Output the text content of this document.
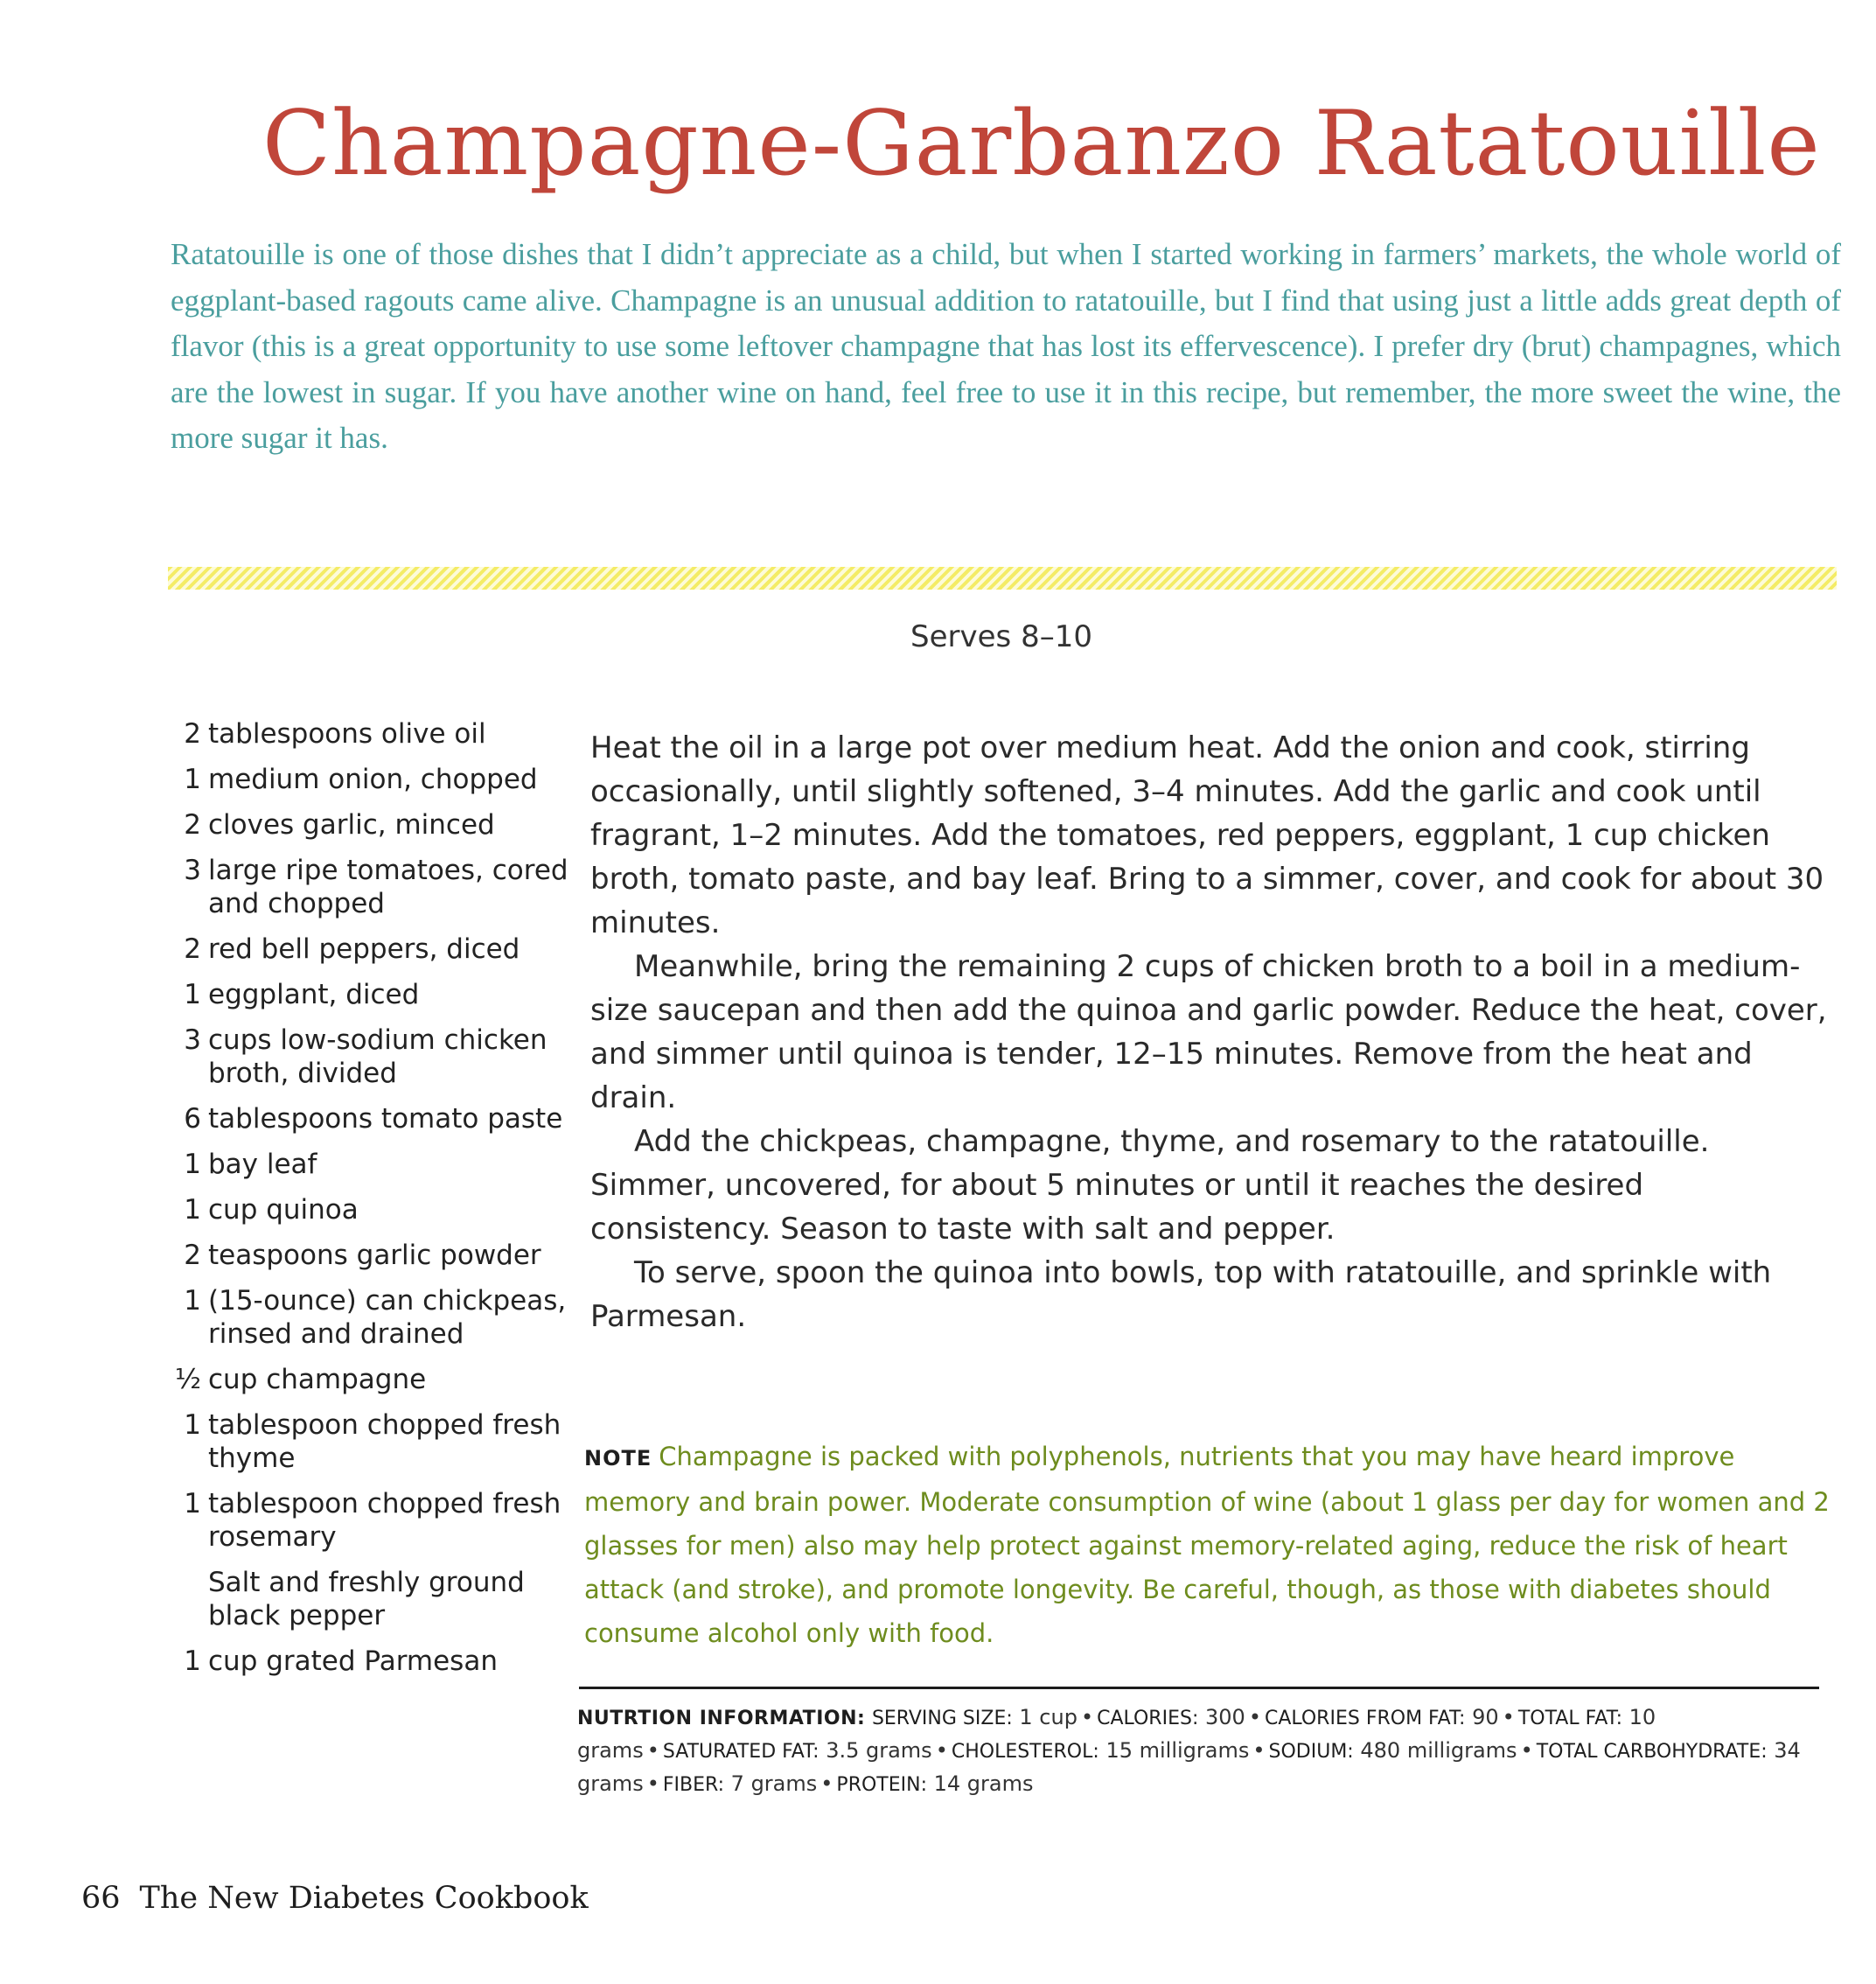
Champagne-Garbanzo Ratatouille

Ratatouille is one of those dishes that I didn’t appreciate as a child, but when I started working in farmers’ markets, the whole world of eggplant-based ragouts came alive. Champagne is an unusual addition to ratatouille, but I find that using just a little adds great depth of flavor (this is a great opportunity to use some leftover champagne that has lost its effervescence). I prefer dry (brut) champagnes, which are the lowest in sugar. If you have another wine on hand, feel free to use it in this recipe, but remember, the more sweet the wine, the more sugar it has.

Serves 8–10

2 tablespoons olive oil
1 medium onion, chopped
2 cloves garlic, minced
3 large ripe tomatoes, cored and chopped
2 red bell peppers, diced
1 eggplant, diced
3 cups low-sodium chicken broth, divided
6 tablespoons tomato paste
1 bay leaf
1 cup quinoa
2 teaspoons garlic powder
1 (15-ounce) can chickpeas, rinsed and drained
½ cup champagne
1 tablespoon chopped fresh thyme
1 tablespoon chopped fresh rosemary
Salt and freshly ground black pepper
1 cup grated Parmesan

Heat the oil in a large pot over medium heat. Add the onion and cook, stirring occasionally, until slightly softened, 3–4 minutes. Add the garlic and cook until fragrant, 1–2 minutes. Add the tomatoes, red peppers, eggplant, 1 cup chicken broth, tomato paste, and bay leaf. Bring to a simmer, cover, and cook for about 30 minutes.

Meanwhile, bring the remaining 2 cups of chicken broth to a boil in a medium-size saucepan and then add the quinoa and garlic powder. Reduce the heat, cover, and simmer until quinoa is tender, 12–15 minutes. Remove from the heat and drain.

Add the chickpeas, champagne, thyme, and rosemary to the ratatouille. Simmer, uncovered, for about 5 minutes or until it reaches the desired consistency. Season to taste with salt and pepper.

To serve, spoon the quinoa into bowls, top with ratatouille, and sprinkle with Parmesan.

NOTE Champagne is packed with polyphenols, nutrients that you may have heard improve memory and brain power. Moderate consumption of wine (about 1 glass per day for women and 2 glasses for men) also may help protect against memory-related aging, reduce the risk of heart attack (and stroke), and promote longevity. Be careful, though, as those with diabetes should consume alcohol only with food.

NUTRTION INFORMATION: SERVING SIZE: 1 cup • CALORIES: 300 • CALORIES FROM FAT: 90 • TOTAL FAT: 10 grams • SATURATED FAT: 3.5 grams • CHOLESTEROL: 15 milligrams • SODIUM: 480 milligrams • TOTAL CARBOHYDRATE: 34 grams • FIBER: 7 grams • PROTEIN: 14 grams

66 The New Diabetes Cookbook
